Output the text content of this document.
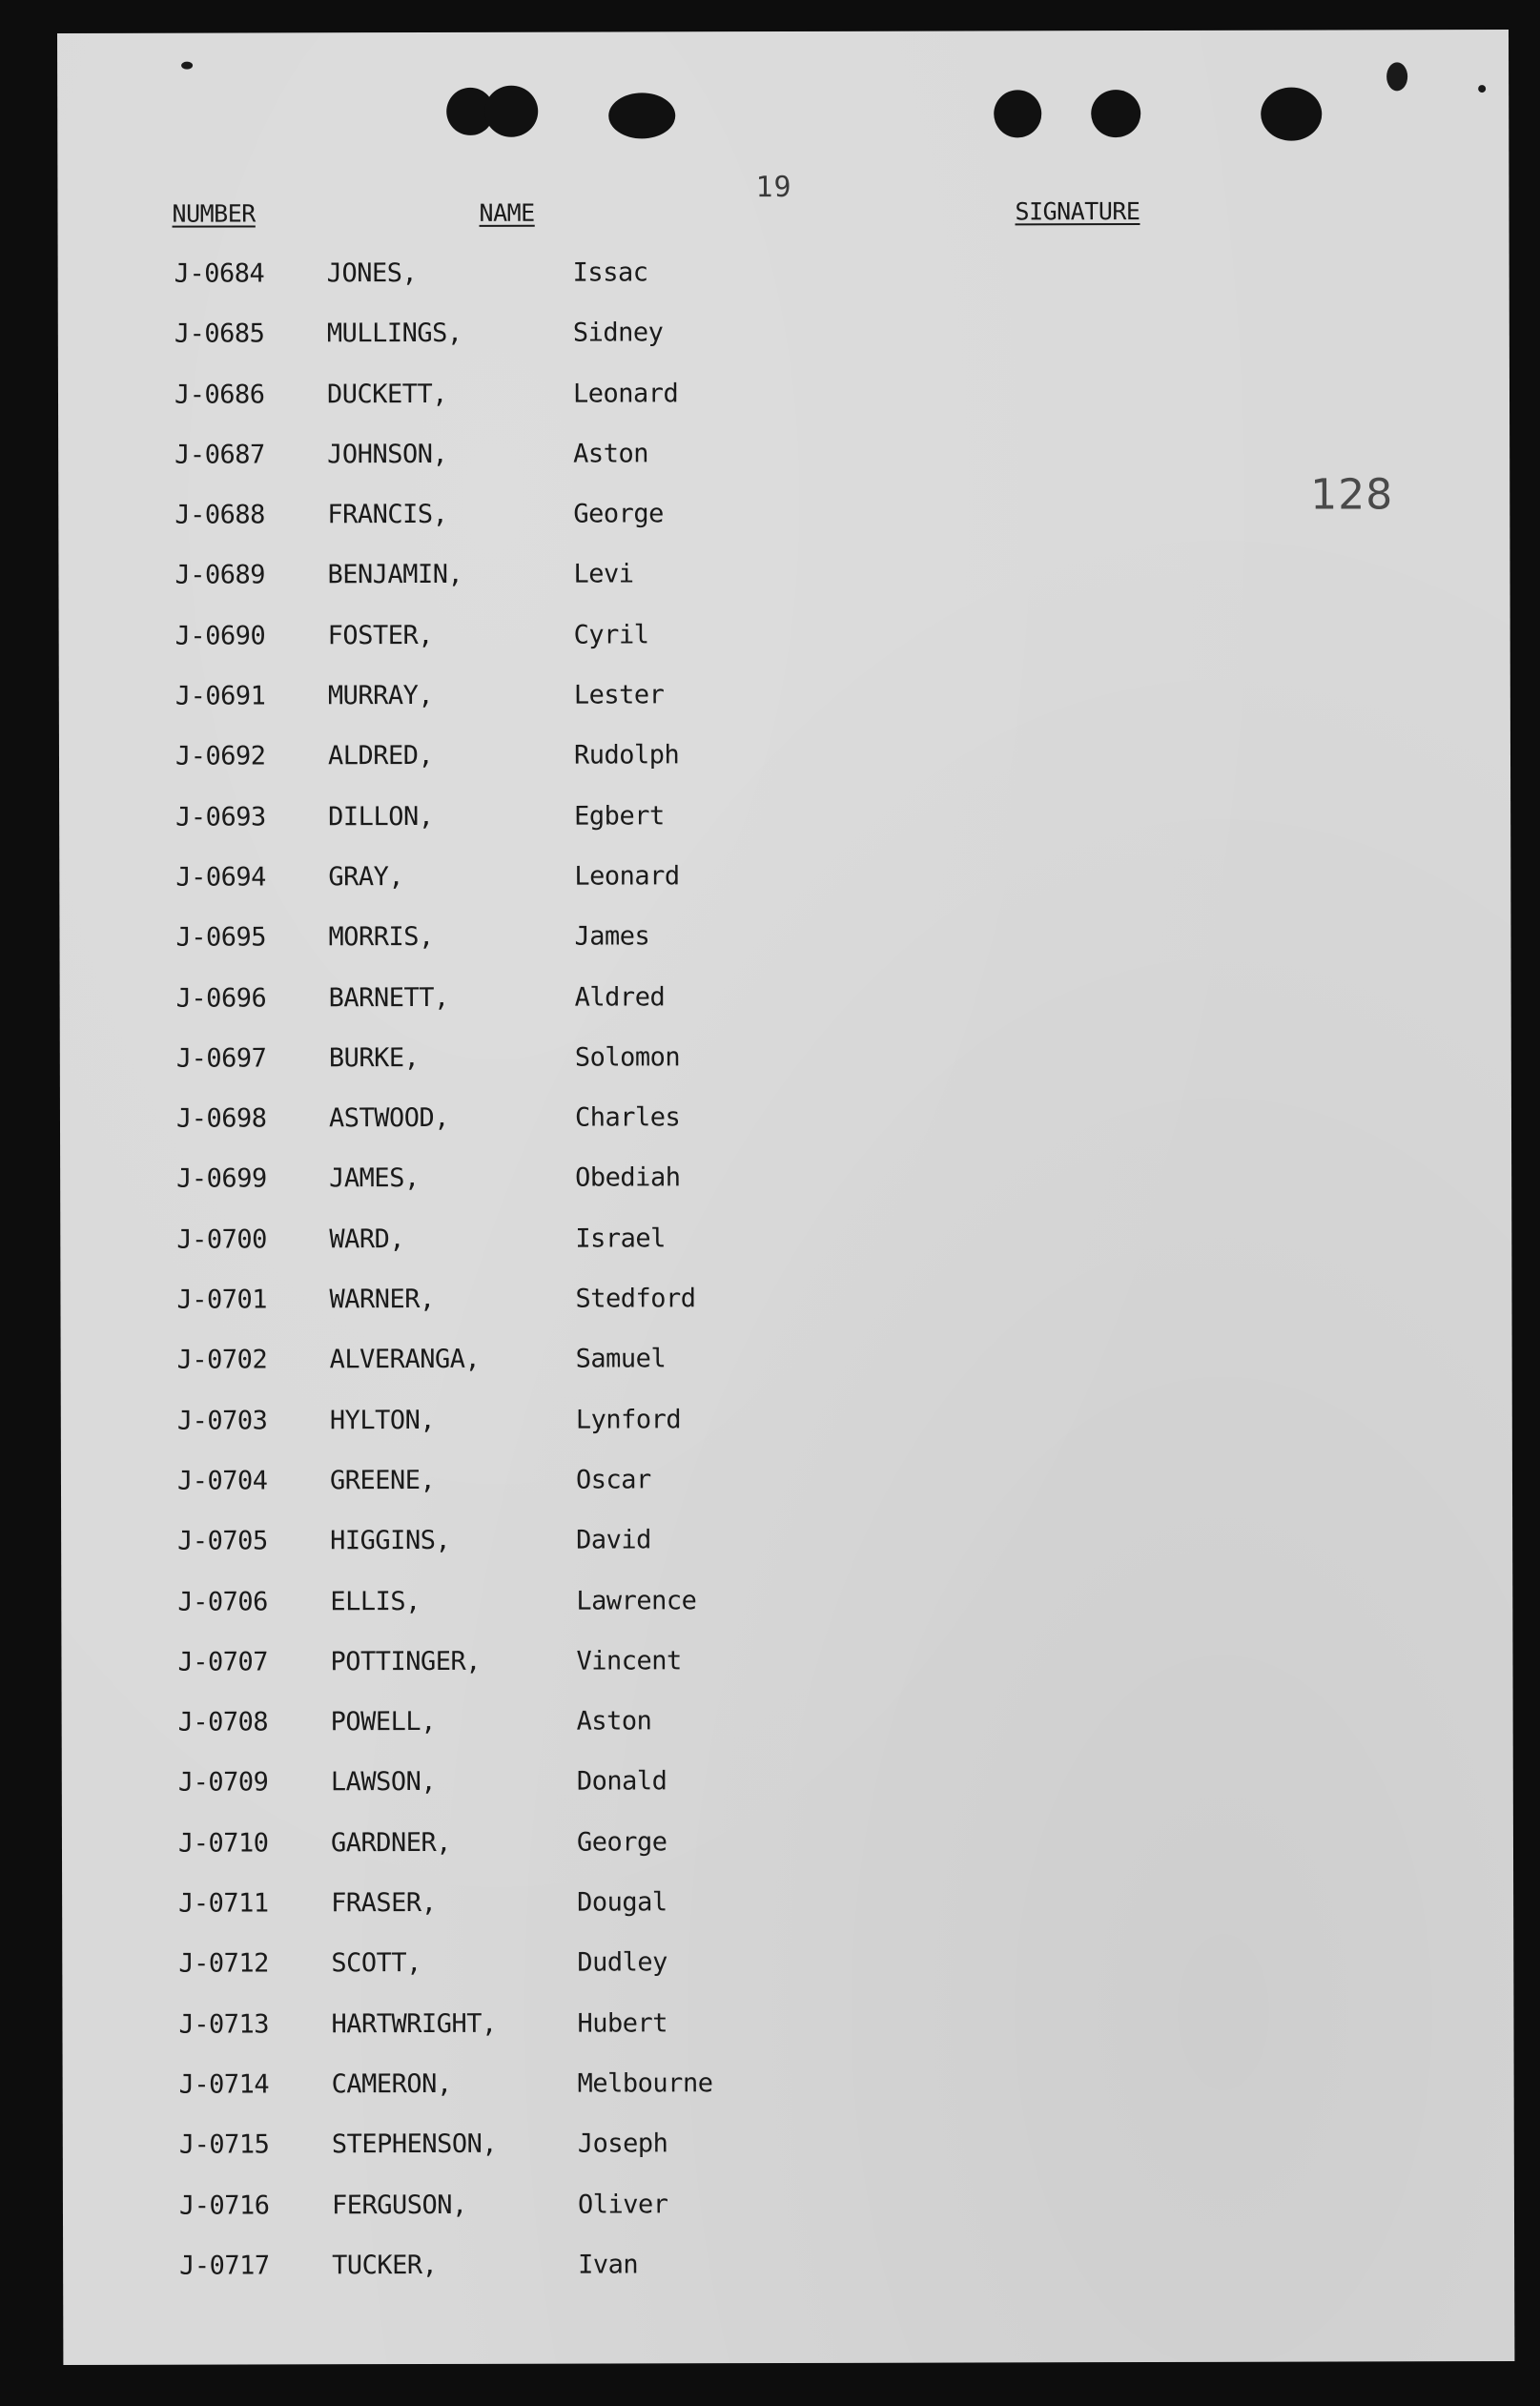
19
128
NUMBER	NAME	SIGNATURE
J-0684 JONES,	Issac
J-0685 MULLINGS,	Sidney
J-0686 DUCKETT,	Leonard
J-0687 JOHNSON,	Aston
J-0688 FRANCIS,	George
J-0689 BENJAMIN,	Levi
J-0690 FOSTER,	Cyril
J-0691 MURRAY,	Lester
J-0692 ALDRED,	Rudolph
J-0693 DILLON,	Egbert
J-0694 GRAY,	Leonard
J-0695 MORRIS,	James
J-0696 BARNETT,	Aldred
J-0697 BURKE,	Solomon
J-0698 ASTWOOD,	Charles
J-0699 JAMES,	Obediah
J-0700 WARD,	Israel
J-0701 WARNER,	Stedford
J-0702 ALVERANGA,	Samuel
J-0703 HYLTON,	Lynford
J-0704 GREENE,	Oscar
J-0705 HIGGINS,	David
J-0706 ELLIS,	Lawrence
J-0707 POTTINGER,	Vincent
J-0708 POWELL,	Aston
J-0709 LAWSON,	Donald
J-0710 GARDNER,	George
J-0711 FRASER,	Dougal
J-0712 SCOTT,	Dudley
J-0713 HARTWRIGHT,	Hubert
J-0714 CAMERON,	Melbourne
J-0715 STEPHENSON,	Joseph
J-0716 FERGUSON,	Oliver
J-0717 TUCKER,	Ivan
